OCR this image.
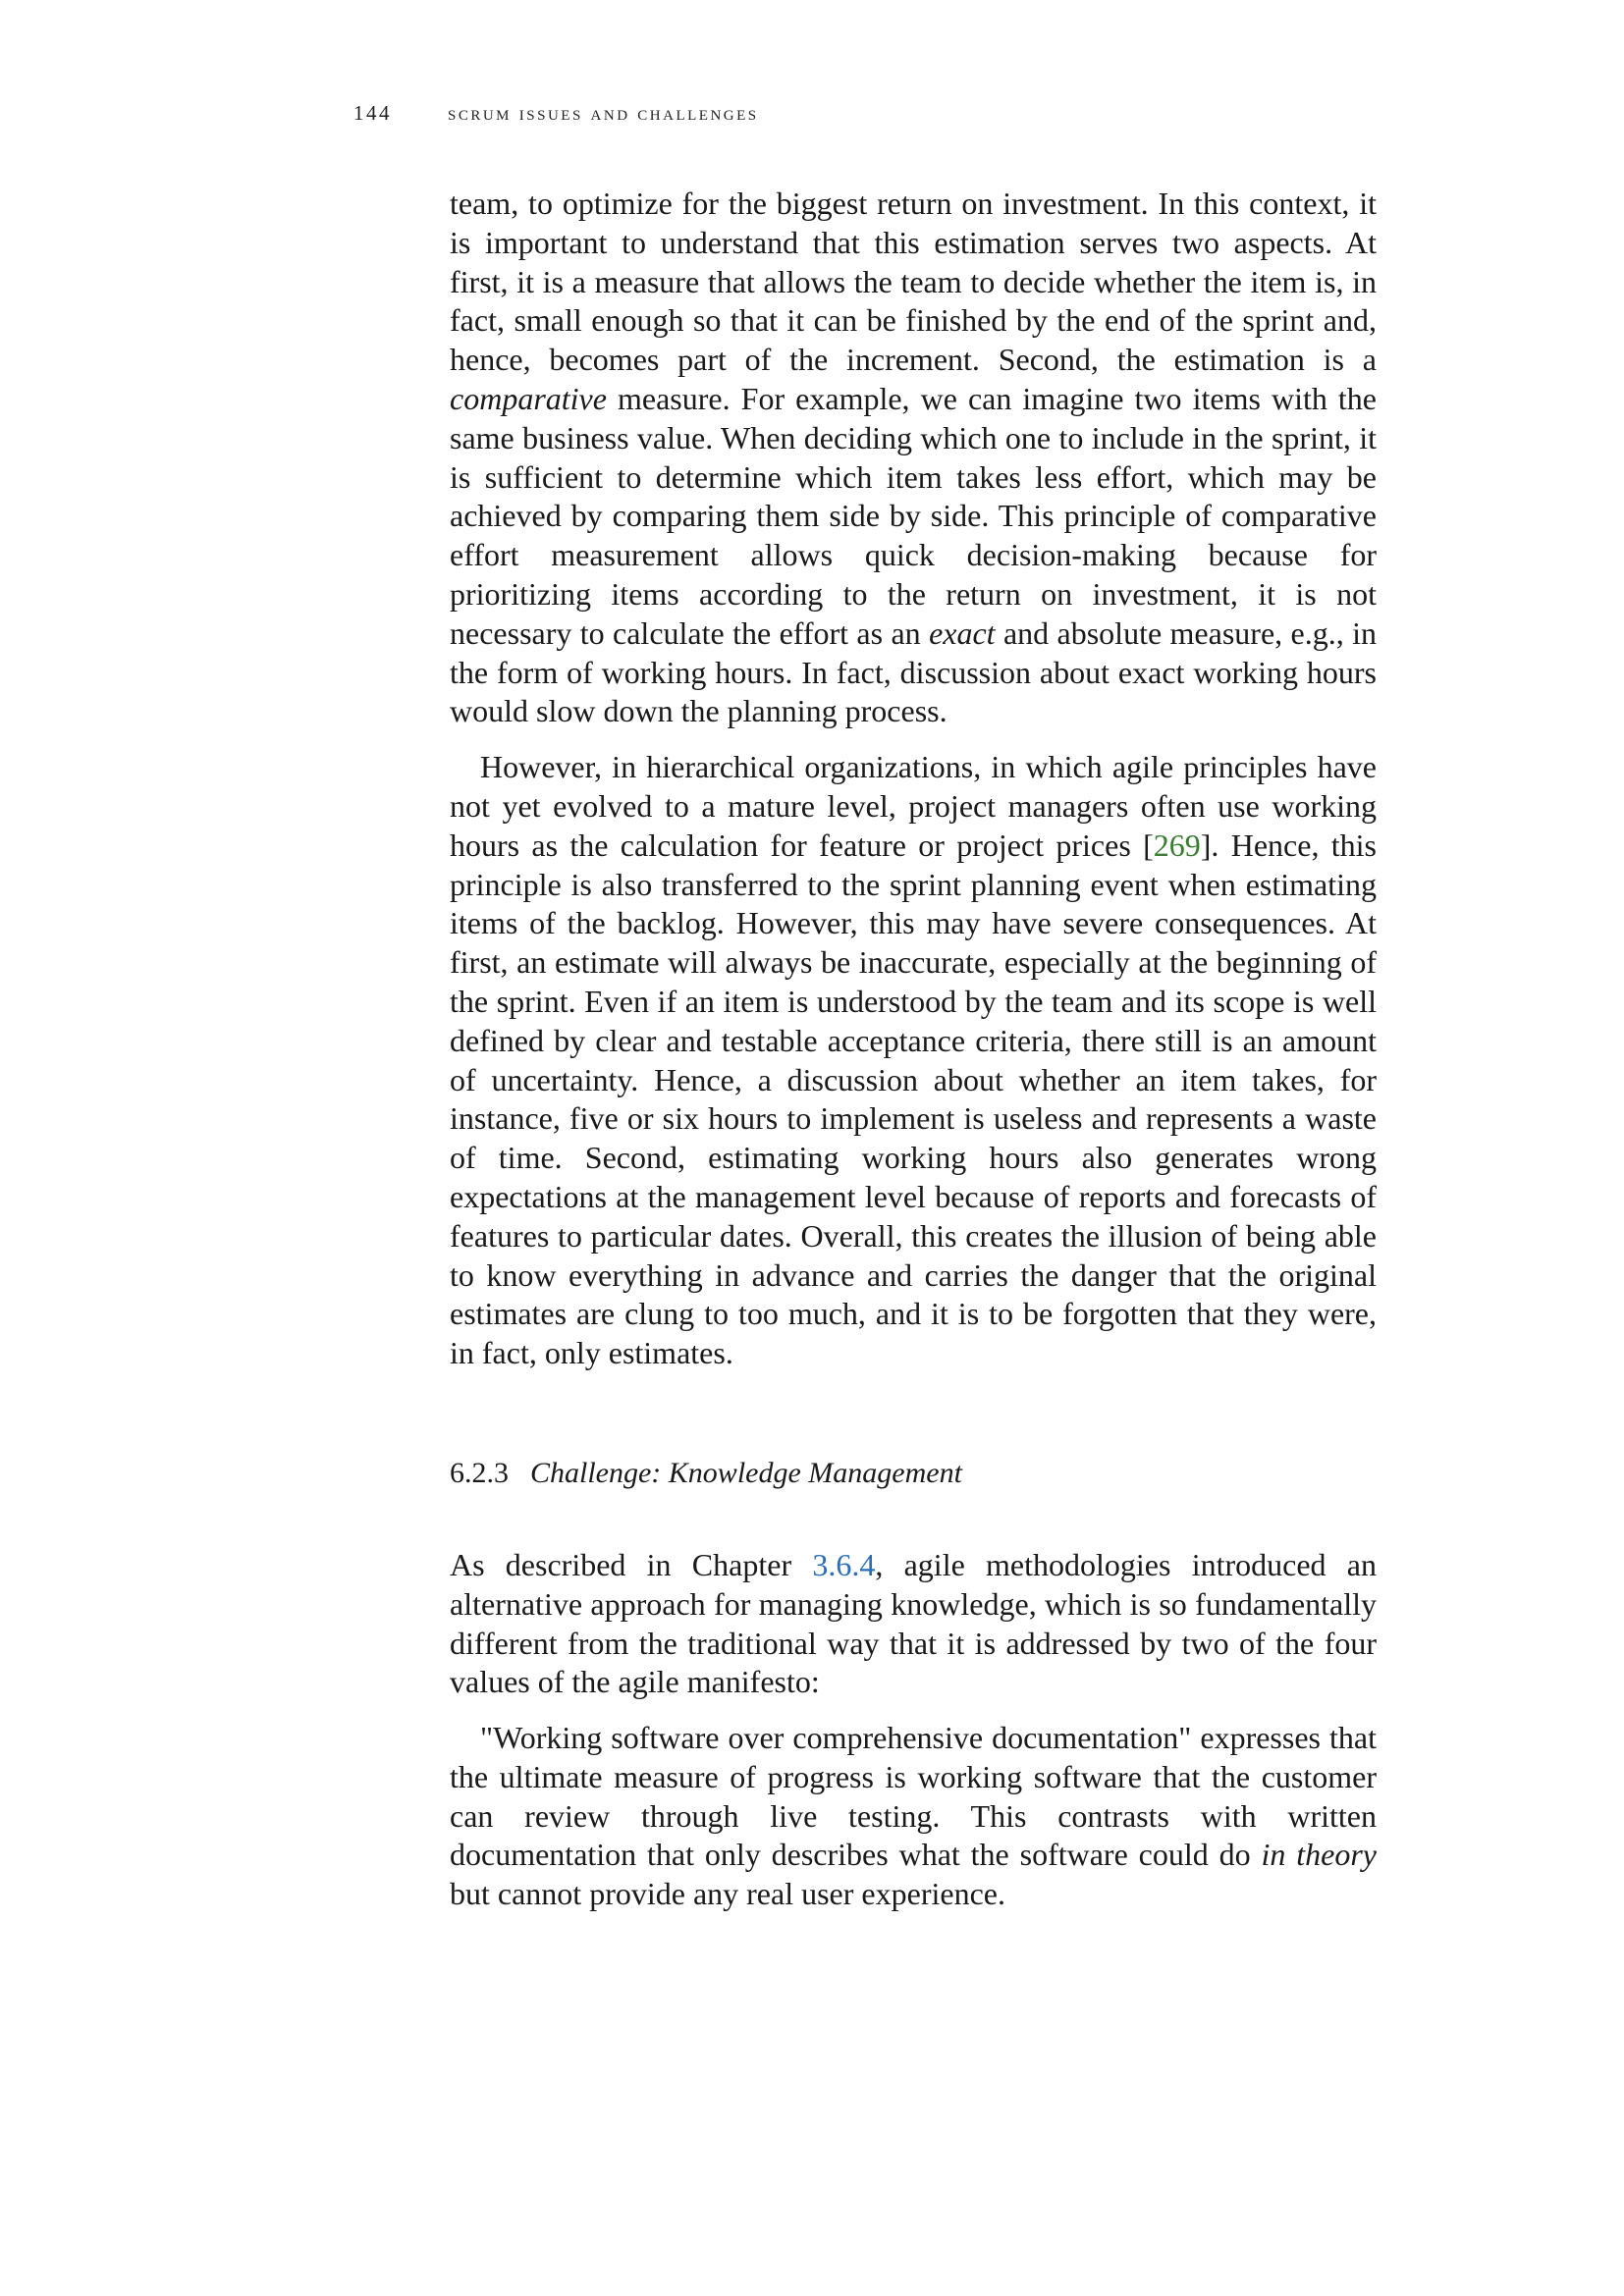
144	scrum issues and challenges

team, to optimize for the biggest return on investment. In this context, it is important to understand that this estimation serves two aspects. At first, it is a measure that allows the team to decide whether the item is, in fact, small enough so that it can be finished by the end of the sprint and, hence, becomes part of the increment. Second, the estimation is a comparative measure. For example, we can imagine two items with the same business value. When deciding which one to include in the sprint, it is sufficient to determine which item takes less effort, which may be achieved by comparing them side by side. This principle of comparative effort measurement allows quick decision-making because for prioritizing items according to the return on investment, it is not necessary to calculate the effort as an exact and absolute measure, e.g., in the form of working hours. In fact, discussion about exact working hours would slow down the planning process.

However, in hierarchical organizations, in which agile principles have not yet evolved to a mature level, project managers often use working hours as the calculation for feature or project prices [269]. Hence, this principle is also transferred to the sprint planning event when estimating items of the backlog. However, this may have severe consequences. At first, an estimate will always be inaccurate, especially at the beginning of the sprint. Even if an item is understood by the team and its scope is well defined by clear and testable acceptance criteria, there still is an amount of uncertainty. Hence, a discussion about whether an item takes, for instance, five or six hours to implement is useless and represents a waste of time. Second, estimating working hours also generates wrong expectations at the management level because of reports and forecasts of features to particular dates. Overall, this creates the illusion of being able to know everything in advance and carries the danger that the original estimates are clung to too much, and it is to be forgotten that they were, in fact, only estimates.

6.2.3 Challenge: Knowledge Management

As described in Chapter 3.6.4, agile methodologies introduced an alternative approach for managing knowledge, which is so fundamentally different from the traditional way that it is addressed by two of the four values of the agile manifesto:

"Working software over comprehensive documentation" expresses that the ultimate measure of progress is working software that the customer can review through live testing. This contrasts with written documentation that only describes what the software could do in theory but cannot provide any real user experience.
